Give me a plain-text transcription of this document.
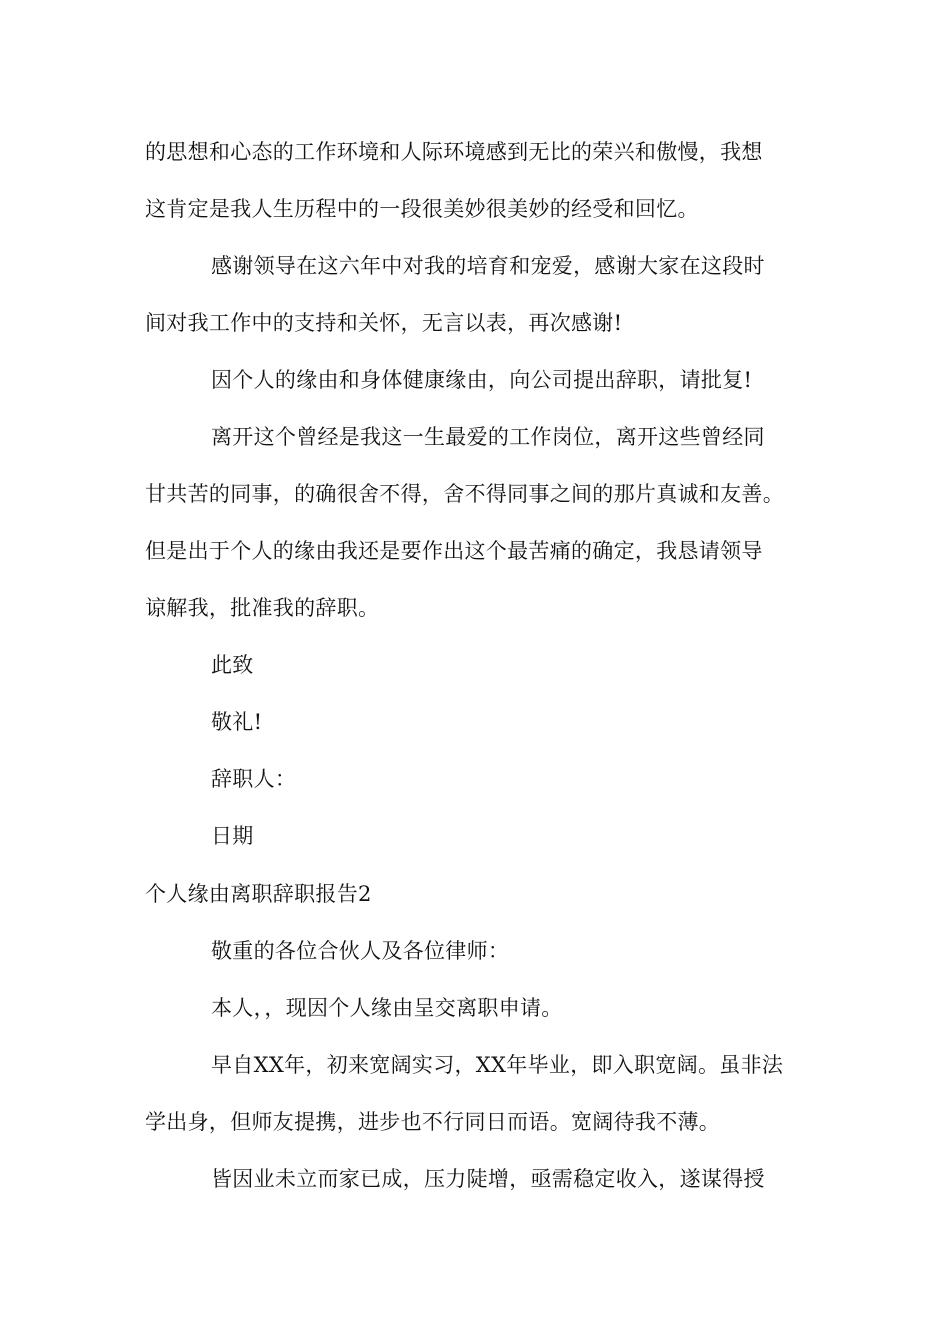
的思想和心态的工作环境和人际环境感到无比的荣兴和傲慢，我想
这肯定是我人生历程中的一段很美妙很美妙的经受和回忆。
感谢领导在这六年中对我的培育和宠爱，感谢大家在这段时
间对我工作中的支持和关怀，无言以表，再次感谢!
因个人的缘由和身体健康缘由，向公司提出辞职，请批复!
离开这个曾经是我这一生最爱的工作岗位，离开这些曾经同
甘共苦的同事，的确很舍不得，舍不得同事之间的那片真诚和友善。
但是出于个人的缘由我还是要作出这个最苦痛的确定，我恳请领导
谅解我，批准我的辞职。
此致
敬礼!
辞职人：
日期
个人缘由离职辞职报告2
敬重的各位合伙人及各位律师：
本人，，现因个人缘由呈交离职申请。
早自XX年，初来宽阔实习，XX年毕业，即入职宽阔。虽非法
学出身，但师友提携，进步也不行同日而语。宽阔待我不薄。
皆因业未立而家已成，压力陡增，亟需稳定收入，遂谋得授
